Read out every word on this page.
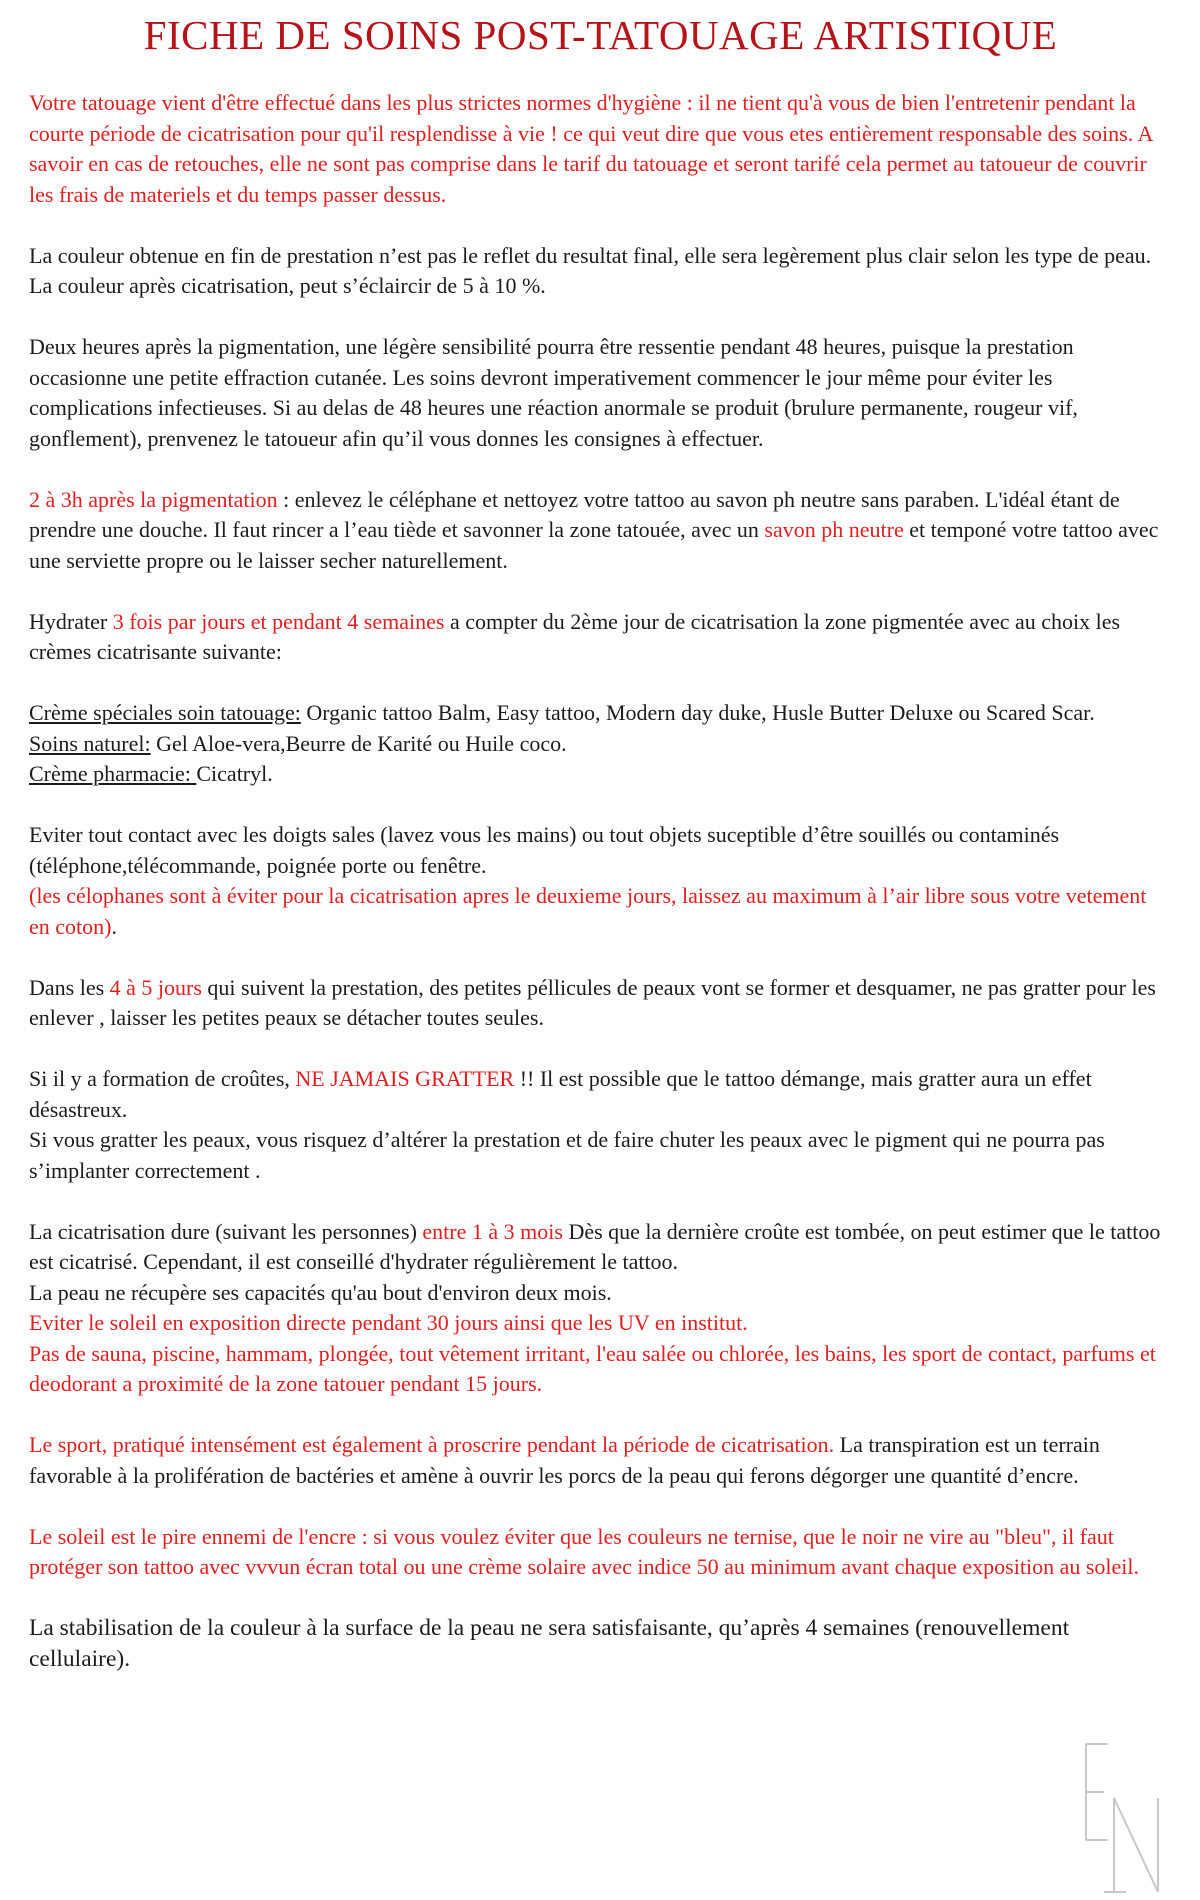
FICHE DE SOINS POST-TATOUAGE ARTISTIQUE

Votre tatouage vient d'être effectué dans les plus strictes normes d'hygiène : il ne tient qu'à vous de bien l'entretenir pendant la courte période de cicatrisation pour qu'il resplendisse à vie ! ce qui veut dire que vous etes entièrement responsable des soins. A savoir en cas de retouches, elle ne sont pas comprise dans le tarif du tatouage et seront tarifé cela permet au tatoueur de couvrir les frais de materiels et du temps passer dessus.

La couleur obtenue en fin de prestation n’est pas le reflet du resultat final, elle sera legèrement plus clair selon les type de peau. La couleur après cicatrisation, peut s’éclaircir de 5 à 10 %.

Deux heures après la pigmentation, une légère sensibilité pourra être ressentie pendant 48 heures, puisque la prestation occasionne une petite effraction cutanée. Les soins devront imperativement commencer le jour même pour éviter les complications infectieuses. Si au delas de 48 heures une réaction anormale se produit (brulure permanente, rougeur vif, gonflement), prenvenez le tatoueur afin qu’il vous donnes les consignes à effectuer.

2 à 3h après la pigmentation : enlevez le céléphane et nettoyez votre tattoo au savon ph neutre sans paraben. L'idéal étant de prendre une douche. Il faut rincer a l’eau tiède et savonner la zone tatouée, avec un savon ph neutre et temponé votre tattoo avec une serviette propre ou le laisser secher naturellement.

Hydrater 3 fois par jours et pendant 4 semaines a compter du 2ème jour de cicatrisation la zone pigmentée avec au choix les crèmes cicatrisante suivante:

Crème spéciales soin tatouage: Organic tattoo Balm, Easy tattoo, Modern day duke, Husle Butter Deluxe ou Scared Scar.
Soins naturel: Gel Aloe-vera,Beurre de Karité ou Huile coco.
Crème pharmacie: Cicatryl.
Eviter tout contact avec les doigts sales (lavez vous les mains) ou tout objets suceptible d’être souillés ou contaminés (téléphone,télécommande, poignée porte ou fenêtre.
(les célophanes sont à éviter pour la cicatrisation apres le deuxieme jours, laissez au maximum à l’air libre sous votre vetement en coton).

Dans les 4 à 5 jours qui suivent la prestation, des petites péllicules de peaux vont se former et desquamer, ne pas gratter pour les enlever , laisser les petites peaux se détacher toutes seules.

Si il y a formation de croûtes, NE JAMAIS GRATTER !! Il est possible que le tattoo démange, mais gratter aura un effet désastreux.
Si vous gratter les peaux, vous risquez d’altérer la prestation et de faire chuter les peaux avec le pigment qui ne pourra pas s’implanter correctement .
La cicatrisation dure (suivant les personnes) entre 1 à 3 mois Dès que la dernière croûte est tombée, on peut estimer que le tattoo est cicatrisé. Cependant, il est conseillé d'hydrater régulièrement le tattoo.
La peau ne récupère ses capacités qu'au bout d'environ deux mois.
Eviter le soleil en exposition directe pendant 30 jours ainsi que les UV en institut.
Pas de sauna, piscine, hammam, plongée, tout vêtement irritant, l'eau salée ou chlorée, les bains, les sport de contact, parfums et deodorant a proximité de la zone tatouer pendant 15 jours.

Le sport, pratiqué intensément est également à proscrire pendant la période de cicatrisation. La transpiration est un terrain favorable à la prolifération de bactéries et amène à ouvrir les porcs de la peau qui ferons dégorger une quantité d’encre.

Le soleil est le pire ennemi de l'encre : si vous voulez éviter que les couleurs ne ternise, que le noir ne vire au "bleu", il faut protéger son tattoo avec vvvun écran total ou une crème solaire avec indice 50 au minimum avant chaque exposition au soleil.

La stabilisation de la couleur à la surface de la peau ne sera satisfaisante, qu’après 4 semaines (renouvellement cellulaire).
